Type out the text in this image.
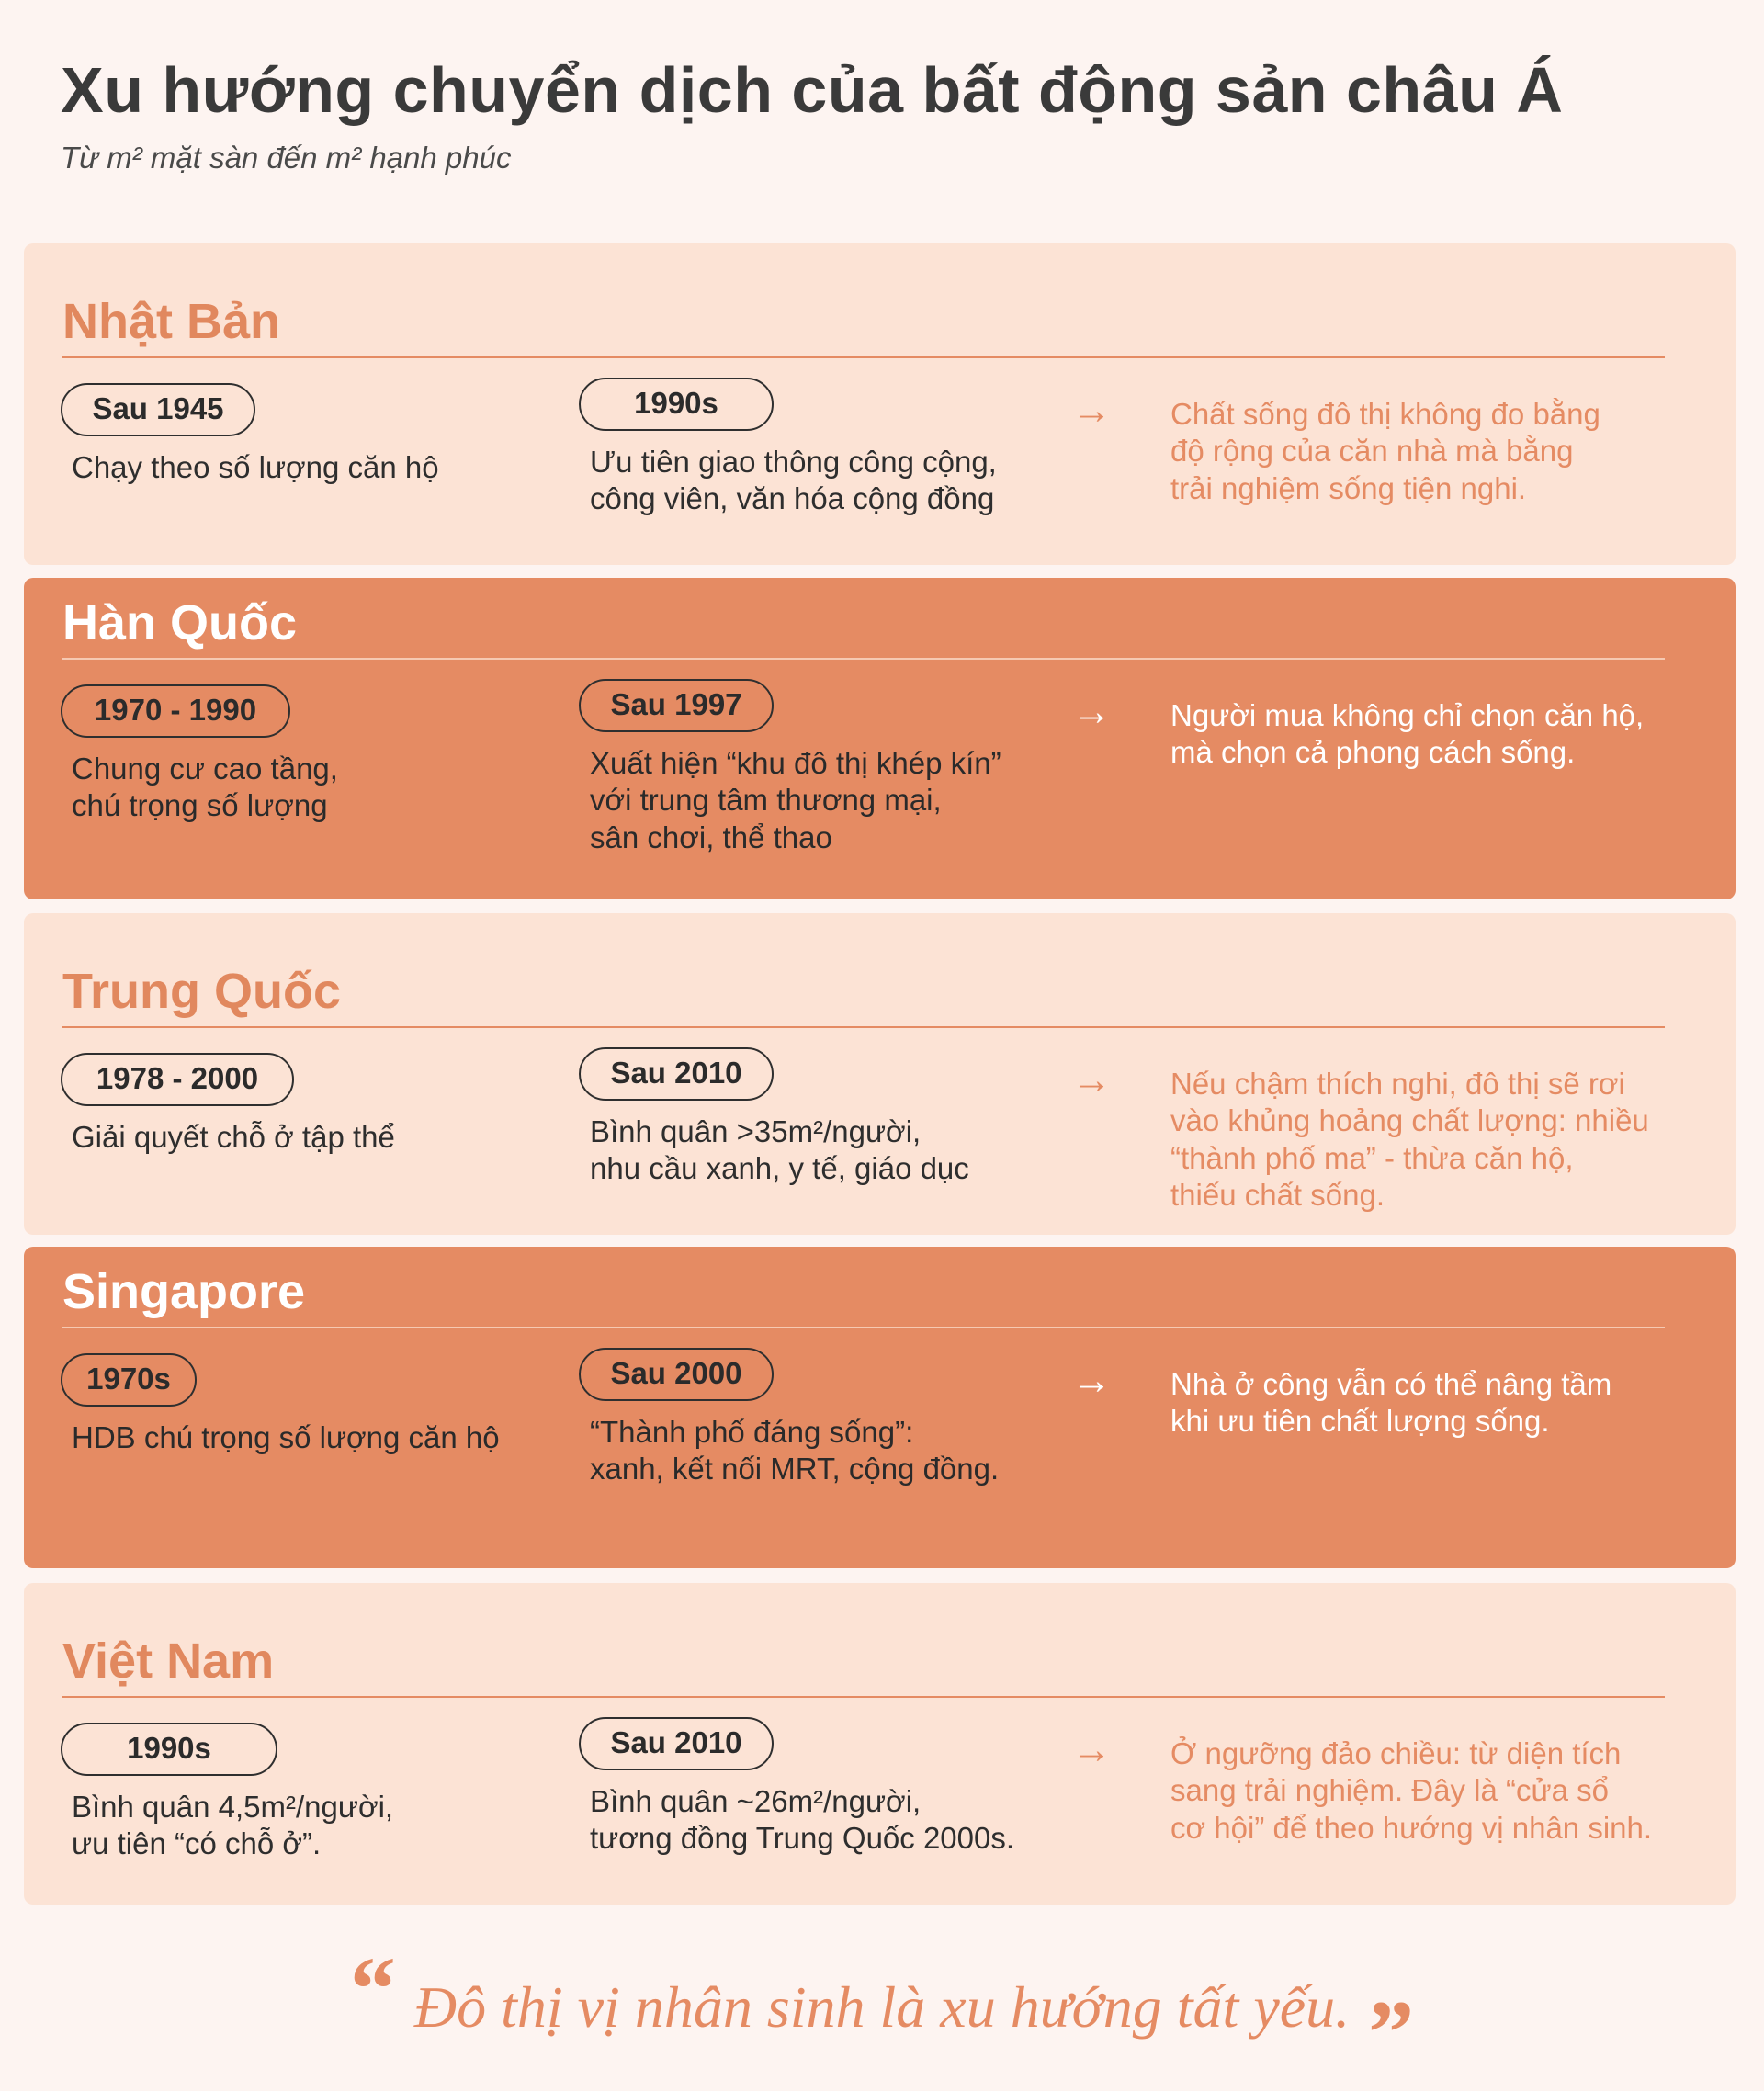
Xu hướng chuyển dịch của bất động sản châu Á
Từ m² mặt sàn đến m² hạnh phúc
Nhật Bản
Sau 1945
Chạy theo số lượng căn hộ
1990s
Ưu tiên giao thông công cộng,
công viên, văn hóa cộng đồng
→ Chất sống đô thị không đo bằng
độ rộng của căn nhà mà bằng
trải nghiệm sống tiện nghi.
Hàn Quốc
1970 - 1990
Chung cư cao tầng,
chú trọng số lượng
Sau 1997
Xuất hiện “khu đô thị khép kín”
với trung tâm thương mại,
sân chơi, thể thao
→ Người mua không chỉ chọn căn hộ,
mà chọn cả phong cách sống.
Trung Quốc
1978 - 2000
Giải quyết chỗ ở tập thể
Sau 2010
Bình quân >35m²/người,
nhu cầu xanh, y tế, giáo dục
→ Nếu chậm thích nghi, đô thị sẽ rơi
vào khủng hoảng chất lượng: nhiều
“thành phố ma” - thừa căn hộ,
thiếu chất sống.
Singapore
1970s
HDB chú trọng số lượng căn hộ
Sau 2000
“Thành phố đáng sống”:
xanh, kết nối MRT, cộng đồng.
→ Nhà ở công vẫn có thể nâng tầm
khi ưu tiên chất lượng sống.
Việt Nam
1990s
Bình quân 4,5m²/người,
ưu tiên “có chỗ ở”.
Sau 2010
Bình quân ~26m²/người,
tương đồng Trung Quốc 2000s.
→ Ở ngưỡng đảo chiều: từ diện tích
sang trải nghiệm. Đây là “cửa sổ
cơ hội” để theo hướng vị nhân sinh.
“ Đô thị vị nhân sinh là xu hướng tất yếu. ”
